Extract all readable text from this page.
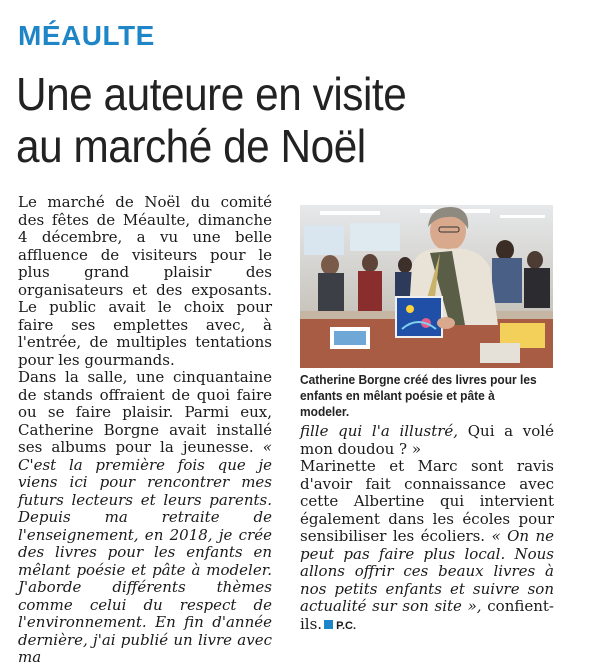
MÉAULTE
Une auteure en visite
au marché de Noël

Le marché de Noël du comité des fêtes de Méaulte, dimanche 4 décembre, a vu une belle affluence de visiteurs pour le plus grand plaisir des organisateurs et des exposants. Le public avait le choix pour faire ses emplettes avec, à l'entrée, de multiples tentations pour les gourmands.

Dans la salle, une cinquantaine de stands offraient de quoi faire ou se faire plaisir. Parmi eux, Catherine Borgne avait installé ses albums pour la jeunesse. « C'est la première fois que je viens ici pour rencontrer mes futurs lecteurs et leurs parents. Depuis ma retraite de l'enseignement, en 2018, je crée des livres pour les enfants en mêlant poésie et pâte à modeler. J'aborde différents thèmes comme celui du respect de l'environnement. En fin d'année dernière, j'ai publié un livre avec ma

Catherine Borgne créé des livres pour les enfants en mêlant poésie et pâte à modeler.

fille qui l'a illustré, Qui a volé mon doudou ? »

Marinette et Marc sont ravis d'avoir fait connaissance avec cette Albertine qui intervient également dans les écoles pour sensibiliser les écoliers. « On ne peut pas faire plus local. Nous allons offrir ces beaux livres à nos petits enfants et suivre son actualité sur son site », confient-ils. P.C.
